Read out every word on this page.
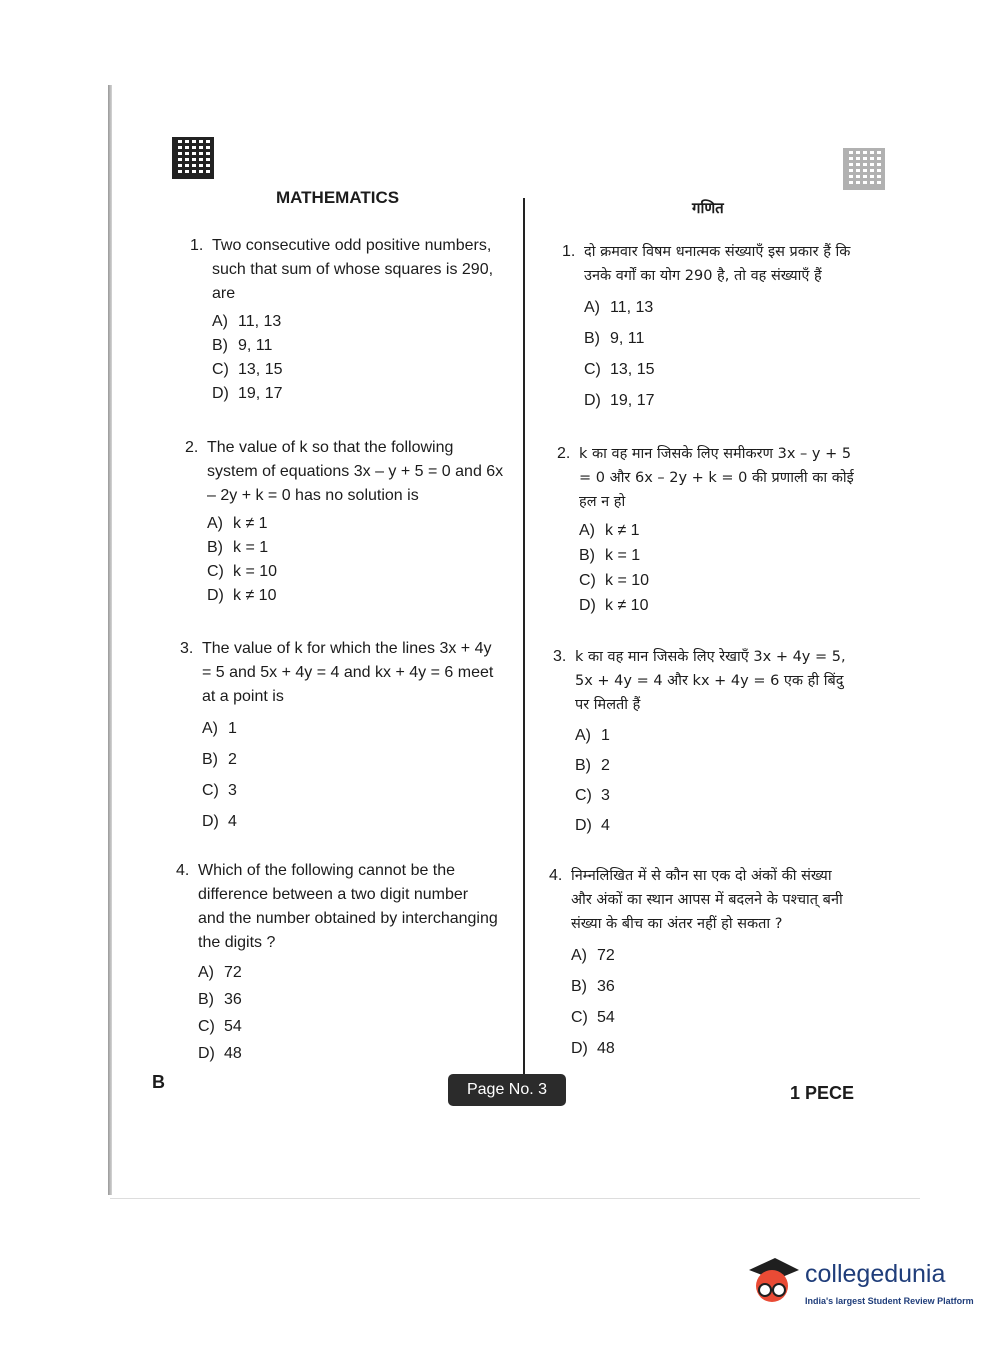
MATHEMATICS
गणित
1. Two consecutive odd positive numbers, such that sum of whose squares is 290, are
A) 11, 13
B) 9, 11
C) 13, 15
D) 19, 17
2. The value of k so that the following system of equations 3x – y + 5 = 0 and 6x – 2y + k = 0 has no solution is
A) k ≠ 1
B) k = 1
C) k = 10
D) k ≠ 10
3. The value of k for which the lines 3x + 4y = 5 and 5x + 4y = 4 and kx + 4y = 6 meet at a point is
A) 1
B) 2
C) 3
D) 4
4. Which of the following cannot be the difference between a two digit number and the number obtained by interchanging the digits ?
A) 72
B) 36
C) 54
D) 48
1. दो क्रमवार विषम धनात्मक संख्याएँ इस प्रकार हैं कि उनके वर्गों का योग 290 है, तो वह संख्याएँ हैं
A) 11, 13
B) 9, 11
C) 13, 15
D) 19, 17
2. k का वह मान जिसके लिए समीकरण 3x – y + 5 = 0 और 6x – 2y + k = 0 की प्रणाली का कोई हल न हो
A) k ≠ 1
B) k = 1
C) k = 10
D) k ≠ 10
3. k का वह मान जिसके लिए रेखाएँ 3x + 4y = 5, 5x + 4y = 4 और kx + 4y = 6 एक ही बिंदु पर मिलती हैं
A) 1
B) 2
C) 3
D) 4
4. निम्नलिखित में से कौन सा एक दो अंकों की संख्या और अंकों का स्थान आपस में बदलने के पश्चात् बनी संख्या के बीच का अंतर नहीं हो सकता ?
A) 72
B) 36
C) 54
D) 48
B	Page No. 3	1 PECE
collegedunia
India's largest Student Review Platform
